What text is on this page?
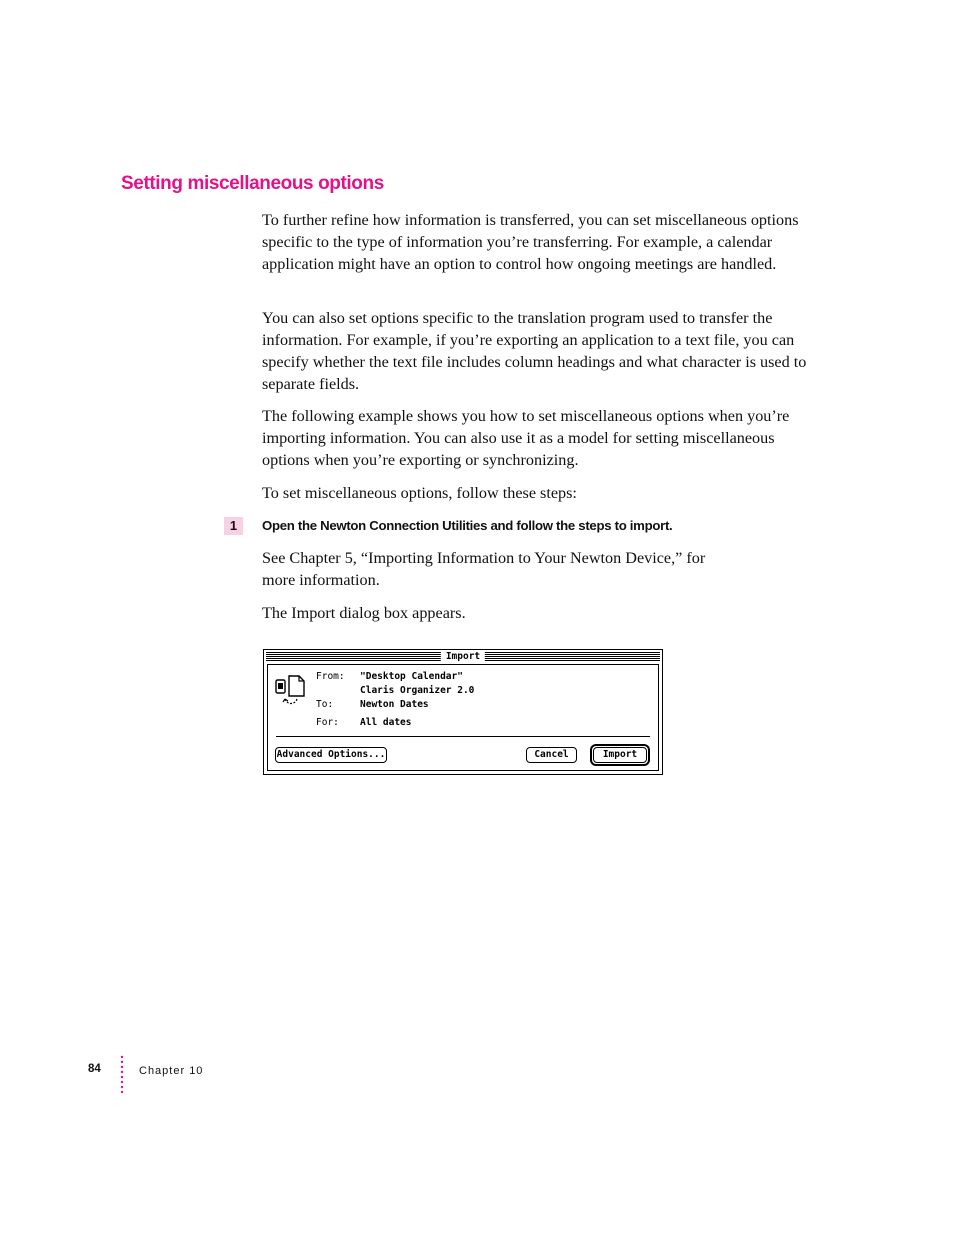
Setting miscellaneous options

To further refine how information is transferred, you can set miscellaneous options specific to the type of information you’re transferring. For example, a calendar application might have an option to control how ongoing meetings are handled.

You can also set options specific to the translation program used to transfer the information. For example, if you’re exporting an application to a text file, you can specify whether the text file includes column headings and what character is used to separate fields.

The following example shows you how to set miscellaneous options when you’re importing information. You can also use it as a model for setting miscellaneous options when you’re exporting or synchronizing.

To set miscellaneous options, follow these steps:

1	Open the Newton Connection Utilities and follow the steps to import.

See Chapter 5, “Importing Information to Your Newton Device,” for
more information.

The Import dialog box appears.

Import
From: "Desktop Calendar"
Claris Organizer 2.0
To:	Newton Dates
For: All dates
Advanced Options...	Cancel	Import
84	Chapter 10
